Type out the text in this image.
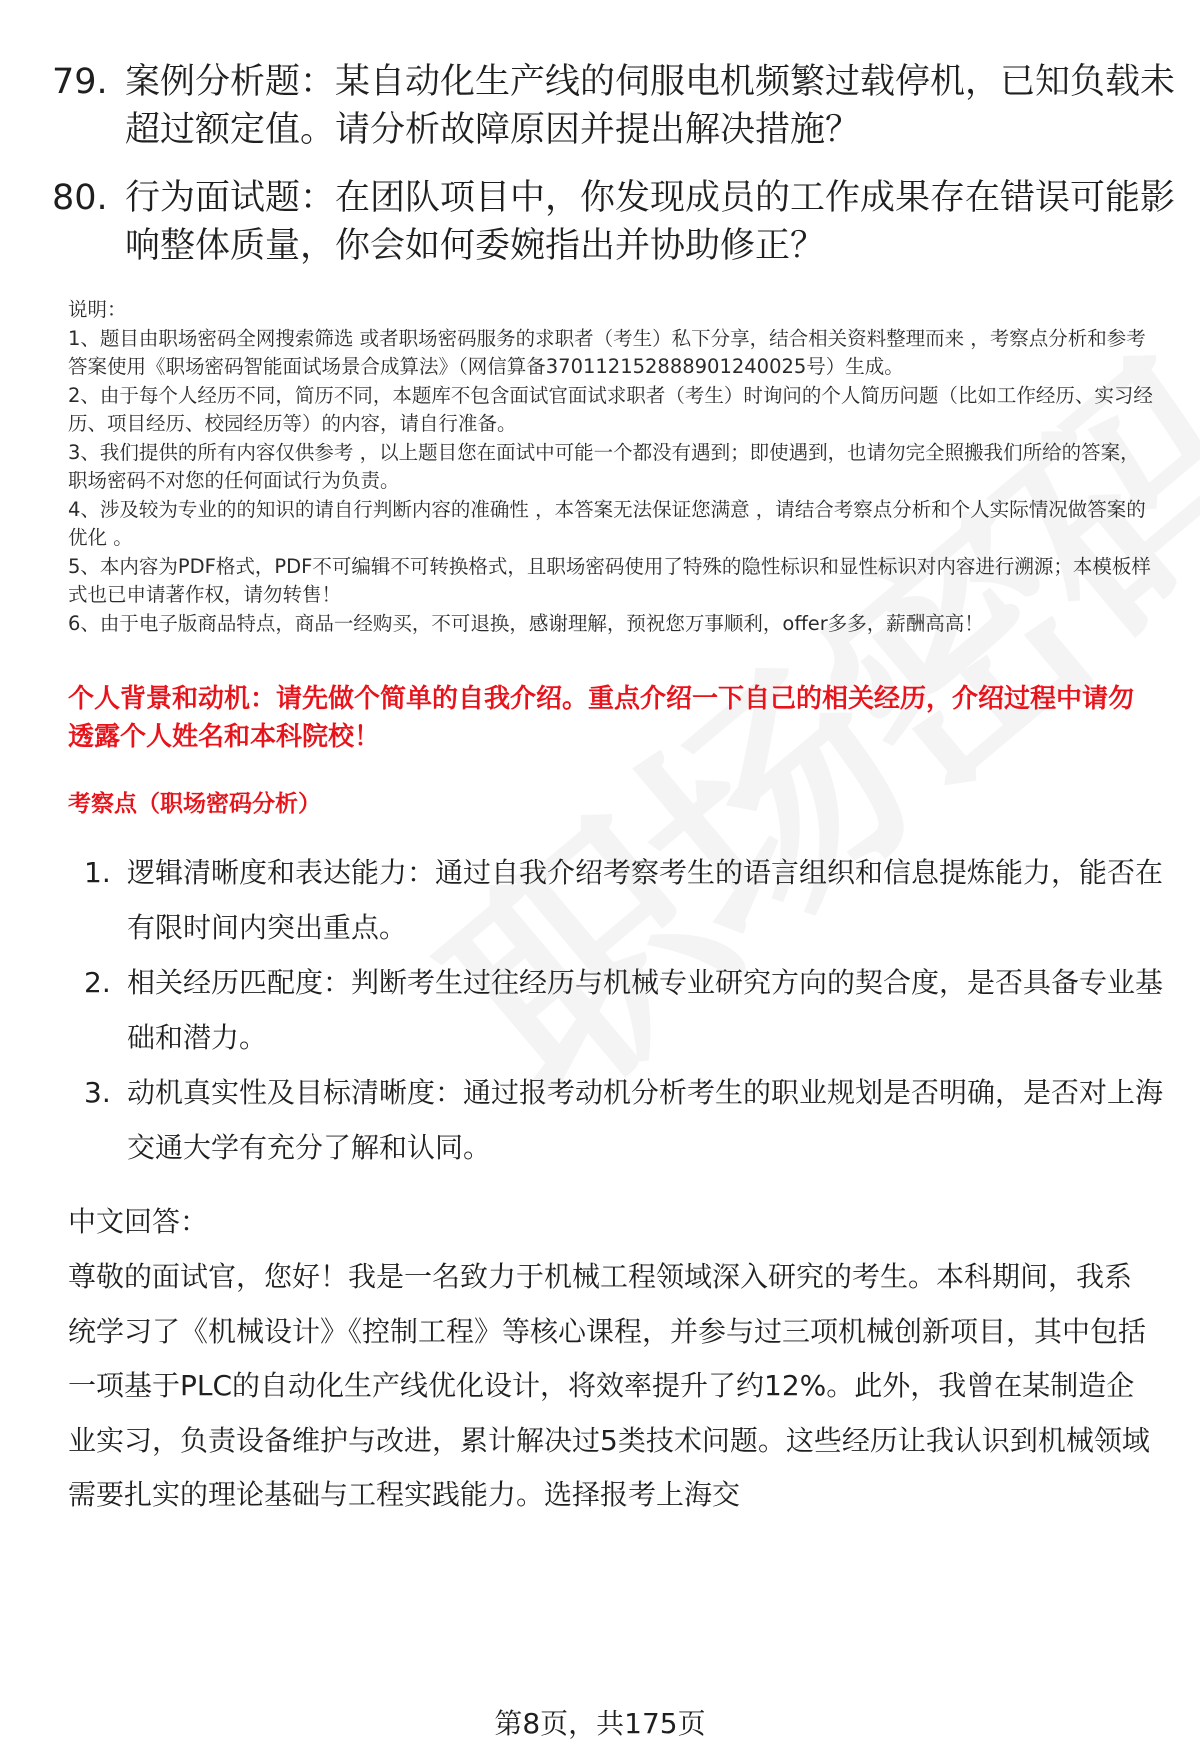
79. 案例分析题：某自动化生产线的伺服电机频繁过载停机，已知负载未超过额定值。请分析故障原因并提出解决措施？
80. 行为面试题：在团队项目中，你发现成员的工作成果存在错误可能影响整体质量，你会如何委婉指出并协助修正？

说明：

1、题目由职场密码全网搜索筛选 或者职场密码服务的求职者（考生）私下分享，结合相关资料整理而来 ，考察点分析和参考答案使用《职场密码智能面试场景合成算法》（网信算备370112152888901240025号）生成。

2、由于每个人经历不同，简历不同，本题库不包含面试官面试求职者（考生）时询问的个人简历问题（比如工作经历、实习经历、项目经历、校园经历等）的内容，请自行准备。

3、我们提供的所有内容仅供参考 ，以上题目您在面试中可能一个都没有遇到；即使遇到，也请勿完全照搬我们所给的答案，职场密码不对您的任何面试行为负责。

4、涉及较为专业的的知识的请自行判断内容的准确性 ，本答案无法保证您满意 ，请结合考察点分析和个人实际情况做答案的优化 。

5、本内容为PDF格式，PDF不可编辑不可转换格式，且职场密码使用了特殊的隐性标识和显性标识对内容进行溯源；本模板样式也已申请著作权，请勿转售！

6、由于电子版商品特点，商品一经购买，不可退换，感谢理解，预祝您万事顺利，offer多多，薪酬高高！

个人背景和动机：请先做个简单的自我介绍。重点介绍一下自己的相关经历，介绍过程中请勿透露个人姓名和本科院校！
考察点（职场密码分析）
1. 逻辑清晰度和表达能力：通过自我介绍考察考生的语言组织和信息提炼能力，能否在有限时间内突出重点。
2. 相关经历匹配度：判断考生过往经历与机械专业研究方向的契合度，是否具备专业基础和潜力。
3. 动机真实性及目标清晰度：通过报考动机分析考生的职业规划是否明确，是否对上海交通大学有充分了解和认同。
中文回答：
尊敬的面试官，您好！我是一名致力于机械工程领域深入研究的考生。本科期间，我系统学习了《机械设计》《控制工程》等核心课程，并参与过三项机械创新项目，其中包括一项基于PLC的自动化生产线优化设计，将效率提升了约12%。此外，我曾在某制造企业实习，负责设备维护与改进，累计解决过5类技术问题。这些经历让我认识到机械领域需要扎实的理论基础与工程实践能力。选择报考上海交
第8页，共175页
